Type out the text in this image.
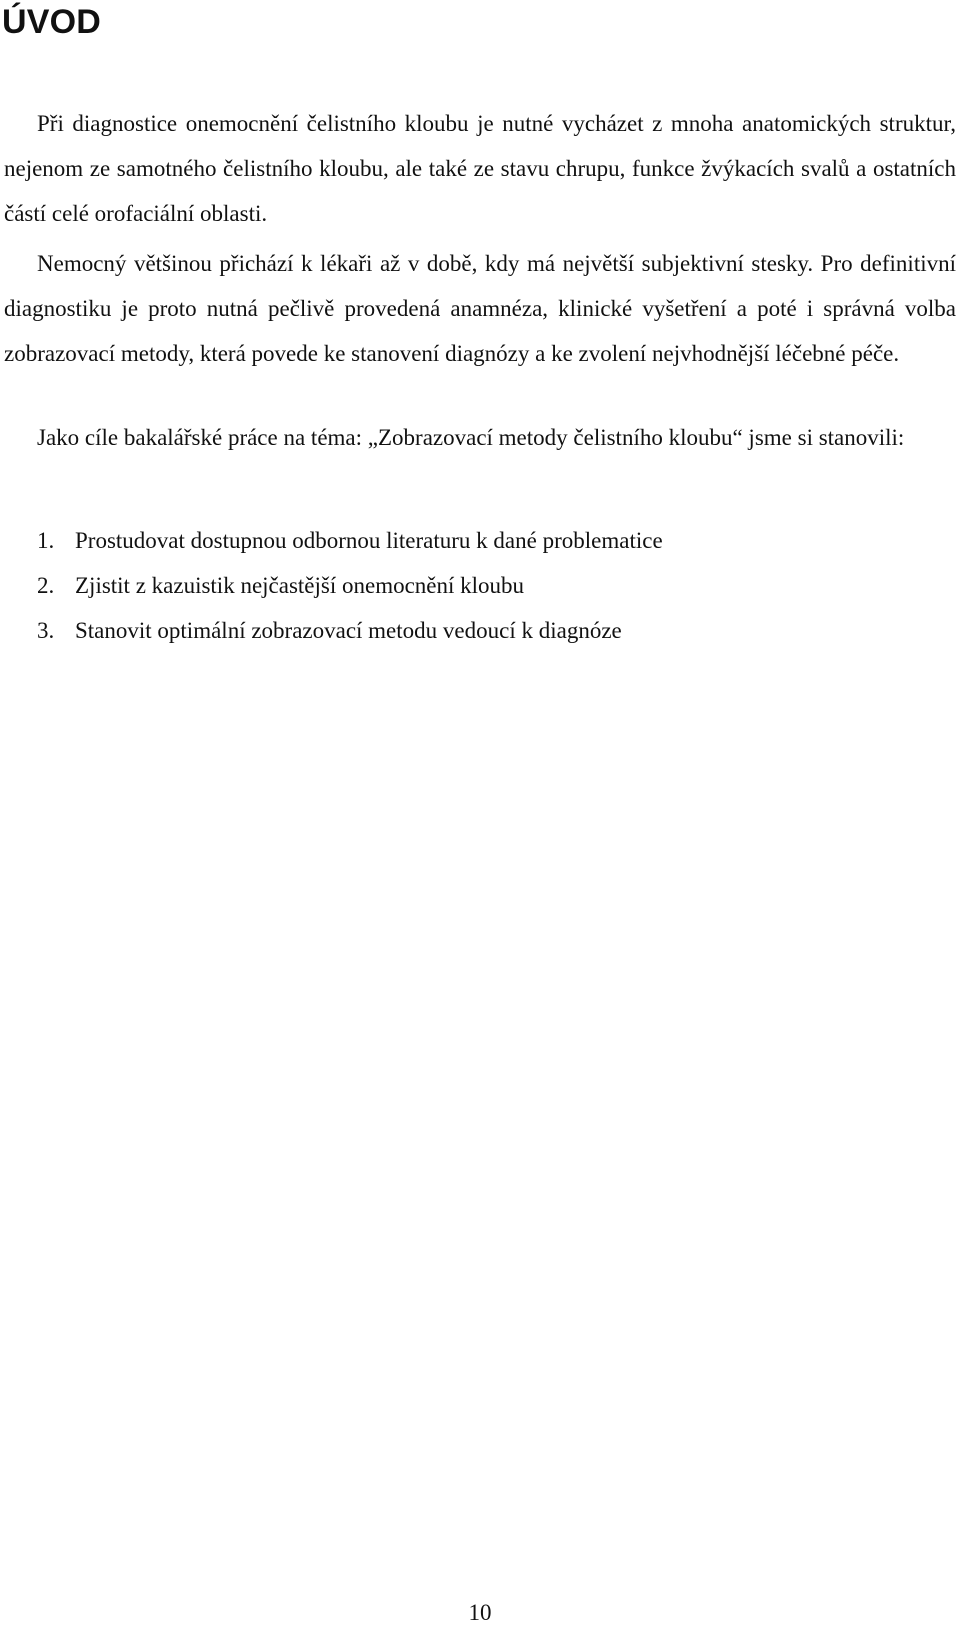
ÚVOD

Při diagnostice onemocnění čelistního kloubu je nutné vycházet z mnoha anatomických struktur, nejenom ze samotného čelistního kloubu, ale také ze stavu chrupu, funkce žvýkacích svalů a ostatních částí celé orofaciální oblasti.

Nemocný většinou přichází k lékaři až v době, kdy má největší subjektivní stesky. Pro definitivní diagnostiku je proto nutná pečlivě provedená anamnéza, klinické vyšetření a poté i správná volba zobrazovací metody, která povede ke stanovení diagnózy a ke zvolení nejvhodnější léčebné péče.

Jako cíle bakalářské práce na téma: „Zobrazovací metody čelistního kloubu“ jsme si stanovili:

1. Prostudovat dostupnou odbornou literaturu k dané problematice
2. Zjistit z kazuistik nejčastější onemocnění kloubu
3. Stanovit optimální zobrazovací metodu vedoucí k diagnóze
10
